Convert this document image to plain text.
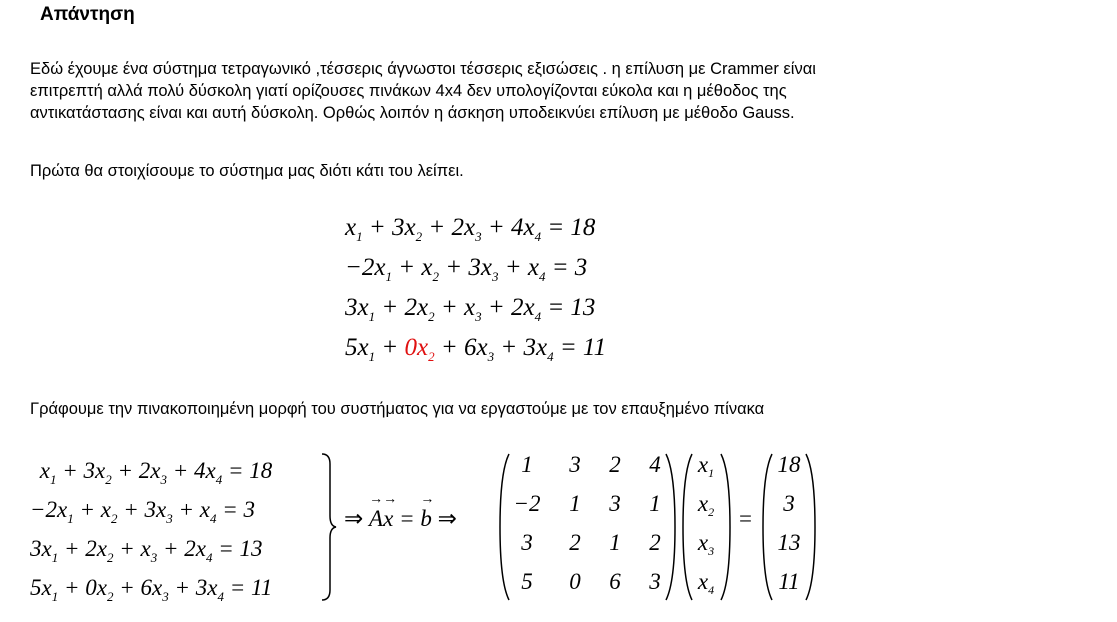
Απάντηση
Εδώ έχουμε ένα σύστημα τετραγωνικό ,τέσσερις άγνωστοι τέσσερις εξισώσεις . η επίλυση με Crammer είναι
επιτρεπτή αλλά πολύ δύσκολη γιατί ορίζουσες πινάκων 4x4 δεν υπολογίζονται εύκολα και η μέθοδος της
αντικατάστασης είναι και αυτή δύσκολη. Ορθώς λοιπόν η άσκηση υποδεικνύει επίλυση με μέθοδο Gauss.
Πρώτα θα στοιχίσουμε το σύστημα μας διότι κάτι του λείπει.
$x_1 + 3x_2 + 2x_3 + 4x_4 = 18$
$-2x_1 + x_2 + 3x_3 + x_4 = 3$
$3x_1 + 2x_2 + x_3 + 2x_4 = 13$
$5x_1 + 0x_2 + 6x_3 + 3x_4 = 11$
Γράφουμε την πινακοποιημένη μορφή του συστήματος για να εργαστούμε με τον επαυξημένο πίνακα
$x_1 + 3x_2 + 2x_3 + 4x_4 = 18$
$-2x_1 + x_2 + 3x_3 + x_4 = 3$
$3x_1 + 2x_2 + x_3 + 2x_4 = 13$
$5x_1 + 0x_2 + 6x_3 + 3x_4 = 11$
⇒
→
A
→
x =
→
b ⇒
1	3	2	4
−2	1	3	1
3	2	1	2
5	0	6	3
$x_1$
$x_2$
$x_3$
$x_4$
=
18
3
13
11
